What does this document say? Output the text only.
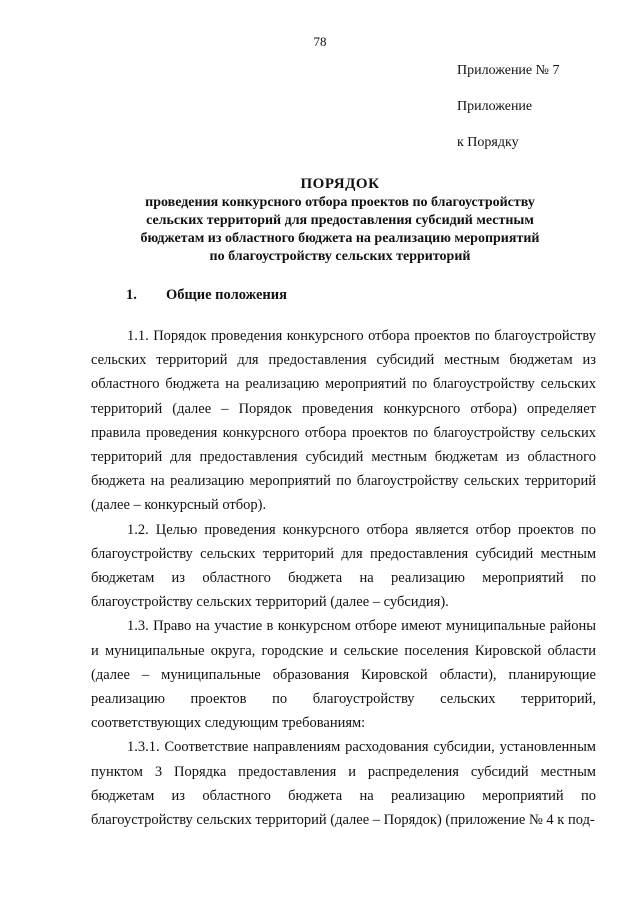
78
Приложение № 7
Приложение
к Порядку
ПОРЯДОК
проведения конкурсного отбора проектов по благоустройству
сельских территорий для предоставления субсидий местным
бюджетам из областного бюджета на реализацию мероприятий
по благоустройству сельских территорий
1. Общие положения

1.1. Порядок проведения конкурсного отбора проектов по благоустройству сельских территорий для предоставления субсидий местным бюджетам из областного бюджета на реализацию мероприятий по благоустройству сельских территорий (далее – Порядок проведения конкурсного отбора) определяет правила проведения конкурсного отбора проектов по благоустройству сельских территорий для предоставления субсидий местным бюджетам из областного бюджета на реализацию мероприятий по благоустройству сельских территорий (далее – конкурсный отбор).

1.2. Целью проведения конкурсного отбора является отбор проектов по благоустройству сельских территорий для предоставления субсидий местным бюджетам из областного бюджета на реализацию мероприятий по благоустройству сельских территорий (далее – субсидия).

1.3. Право на участие в конкурсном отборе имеют муниципальные районы и муниципальные округа, городские и сельские поселения Кировской области (далее – муниципальные образования Кировской области), планирующие реализацию проектов по благоустройству сельских территорий, соответствующих следующим требованиям:

1.3.1. Соответствие направлениям расходования субсидии, установленным пунктом 3 Порядка предоставления и распределения субсидий местным бюджетам из областного бюджета на реализацию мероприятий по благоустройству сельских территорий (далее – Порядок) (приложение № 4 к под-
